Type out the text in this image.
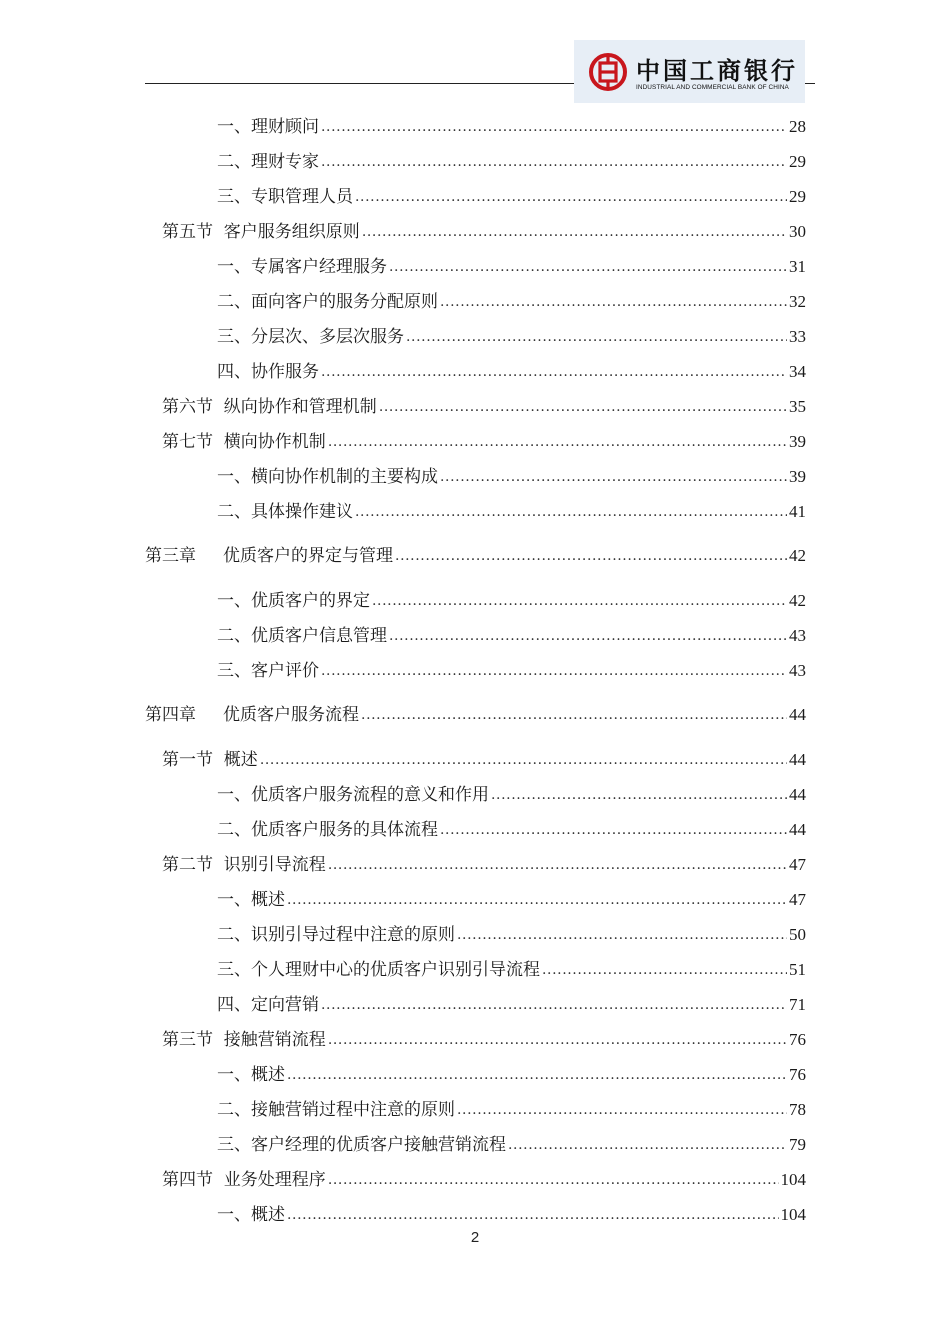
中国工商银行
INDUSTRIAL AND COMMERCIAL BANK OF CHINA
一、理财顾问 .....	28
二、理财专家 .....	29
三、专职管理人员 .....	29
第五节  客户服务组织原则 .....	30
一、专属客户经理服务 .....	31
二、面向客户的服务分配原则 .....	32
三、分层次、多层次服务 .....	33
四、协作服务 .....	34
第六节  纵向协作和管理机制 .....	35
第七节  横向协作机制 .....	39
一、横向协作机制的主要构成 .....	39
二、具体操作建议 .....	41
第三章     优质客户的界定与管理 .....	42
一、优质客户的界定 .....	42
二、优质客户信息管理 .....	43
三、客户评价 .....	43
第四章     优质客户服务流程 .....	44
第一节  概述 .....	44
一、优质客户服务流程的意义和作用 .....	44
二、优质客户服务的具体流程 .....	44
第二节  识别引导流程 .....	47
一、概述 .....	47
二、识别引导过程中注意的原则 .....	50
三、个人理财中心的优质客户识别引导流程 .....	51
四、定向营销 .....	71
第三节  接触营销流程 .....	76
一、概述 .....	76
二、接触营销过程中注意的原则 .....	78
三、客户经理的优质客户接触营销流程 .....	79
第四节  业务处理程序 .....	104
一、概述 .....	104
2
